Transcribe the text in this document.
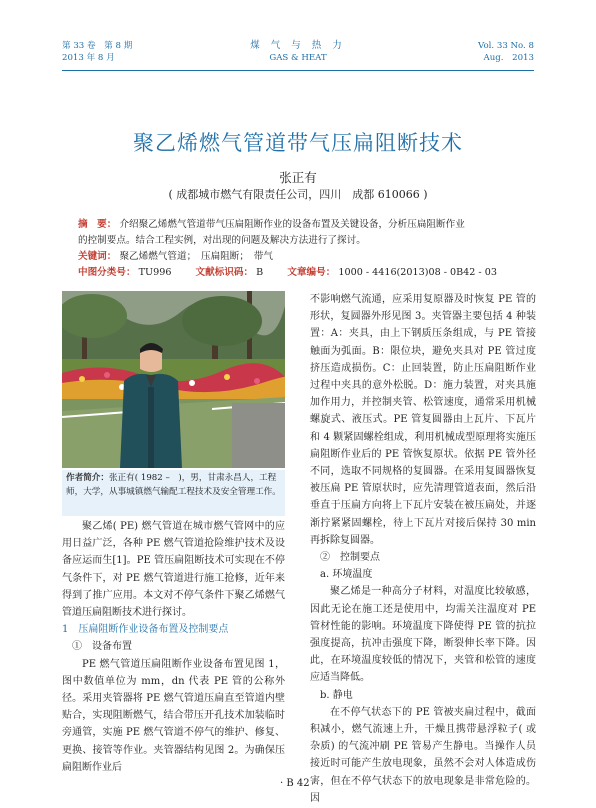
第 33 卷　第 8 期
2013 年 8 月
煤 气 与 热 力
GAS & HEAT
Vol. 33 No. 8
Aug.　2013
聚乙烯燃气管道带气压扁阻断技术
张正有
( 成都城市燃气有限责任公司，四川　成都 610066 )
摘　要： 介绍聚乙烯燃气管道带气压扁阻断作业的设备布置及关键设备，分析压扁阻断作业
的控制要点。结合工程实例，对出现的问题及解决方法进行了探讨。
关键词： 聚乙烯燃气管道；　压扁阻断；　带气
中图分类号： TU996	文献标识码： B	文章编号： 1000 - 4416(2013)08 - 0B42 - 03
作者简介：张正有( 1982 –　)，男，甘肃永昌人，工程师，大学，从事城镇燃气输配工程技术及安全管理工作。

聚乙烯( PE) 燃气管道在城市燃气管网中的应用日益广泛，各种 PE 燃气管道抢险维护技术及设备应运而生[1]。PE 管压扁阻断技术可实现在不停气条件下，对 PE 燃气管道进行施工抢修，近年来得到了推广应用。本文对不停气条件下聚乙烯燃气管道压扁阻断技术进行探讨。

1　压扁阻断作业设备布置及控制要点

①　设备布置

PE 燃气管道压扁阻断作业设备布置见图 1，图中数值单位为 mm，dn 代表 PE 管的公称外径。采用夹管器将 PE 燃气管道压扁直至管道内壁贴合，实现阻断燃气，结合带压开孔技术加装临时旁通管，实施 PE 燃气管道不停气的维护、修复、更换、接管等作业。夹管器结构见图 2。为确保压扁阻断作业后

不影响燃气流通，应采用复原器及时恢复 PE 管的形状，复圆器外形见图 3。夹管器主要包括 4 种装置：A：夹具，由上下钢质压条组成，与 PE 管接触面为弧面。B：限位块，避免夹具对 PE 管过度挤压造成损伤。C：止回装置，防止压扁阻断作业过程中夹具的意外松脱。D：施力装置，对夹具施加作用力，并控制夹管、松管速度，通常采用机械螺旋式、液压式。PE 管复圆器由上瓦片、下瓦片和 4 颗紧固螺栓组成，利用机械成型原理将实施压扁阻断作业后的 PE 管恢复原状。依据 PE 管外径不同，选取不同规格的复圆器。在采用复圆器恢复被压扁 PE 管原状时，应先清理管道表面，然后沿垂直于压扁方向将上下瓦片安装在被压扁处，并逐渐拧紧紧固螺栓，待上下瓦片对接后保持 30 min 再拆除复圆器。

②　控制要点

a. 环境温度

聚乙烯是一种高分子材料，对温度比较敏感，因此无论在施工还是使用中，均需关注温度对 PE 管材性能的影响。环境温度下降使得 PE 管的抗拉强度提高，抗冲击强度下降，断裂伸长率下降。因此，在环境温度较低的情况下，夹管和松管的速度应适当降低。

b. 静电

在不停气状态下的 PE 管被夹扁过程中，截面积减小，燃气流速上升，干燥且携带悬浮粒子( 或杂质) 的气流冲刷 PE 管易产生静电。当操作人员接近时可能产生放电现象，虽然不会对人体造成伤害，但在不停气状态下的放电现象是非常危险的。因

· B 42 ·
